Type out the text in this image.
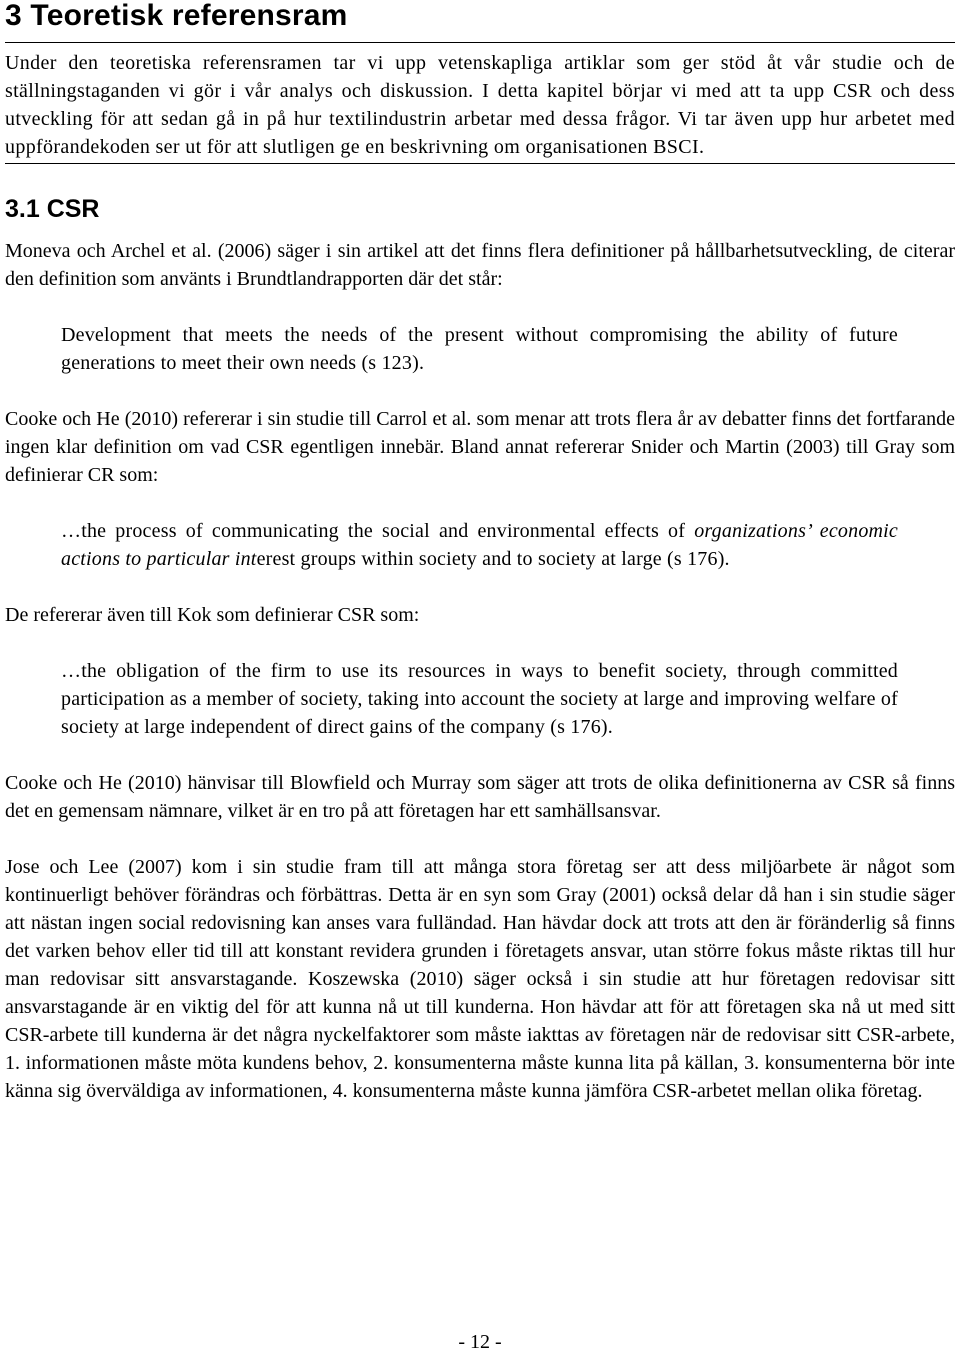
3 Teoretisk referensram
Under den teoretiska referensramen tar vi upp vetenskapliga artiklar som ger stöd åt vår studie och de ställningstaganden vi gör i vår analys och diskussion. I detta kapitel börjar vi med att ta upp CSR och dess utveckling för att sedan gå in på hur textilindustrin arbetar med dessa frågor. Vi tar även upp hur arbetet med uppförandekoden ser ut för att slutligen ge en beskrivning om organisationen BSCI.
3.1 CSR

Moneva och Archel et al. (2006) säger i sin artikel att det finns flera definitioner på hållbarhetsutveckling, de citerar den definition som använts i Brundtlandrapporten där det står:

Development that meets the needs of the present without compromising the ability of future generations to meet their own needs (s 123).

Cooke och He (2010) refererar i sin studie till Carrol et al. som menar att trots flera år av debatter finns det fortfarande ingen klar definition om vad CSR egentligen innebär. Bland annat refererar Snider och Martin (2003) till Gray som definierar CR som:

…the process of communicating the social and environmental effects of organizations’ economic actions to particular interest groups within society and to society at large (s 176).

De refererar även till Kok som definierar CSR som:

…the obligation of the firm to use its resources in ways to benefit society, through committed participation as a member of society, taking into account the society at large and improving welfare of society at large independent of direct gains of the company (s 176).

Cooke och He (2010) hänvisar till Blowfield och Murray som säger att trots de olika definitionerna av CSR så finns det en gemensam nämnare, vilket är en tro på att företagen har ett samhällsansvar.

Jose och Lee (2007) kom i sin studie fram till att många stora företag ser att dess miljöarbete är något som kontinuerligt behöver förändras och förbättras. Detta är en syn som Gray (2001) också delar då han i sin studie säger att nästan ingen social redovisning kan anses vara fulländad. Han hävdar dock att trots att den är föränderlig så finns det varken behov eller tid till att konstant revidera grunden i företagets ansvar, utan större fokus måste riktas till hur man redovisar sitt ansvarstagande. Koszewska (2010) säger också i sin studie att hur företagen redovisar sitt ansvarstagande är en viktig del för att kunna nå ut till kunderna. Hon hävdar att för att företagen ska nå ut med sitt CSR-arbete till kunderna är det några nyckelfaktorer som måste iakttas av företagen när de redovisar sitt CSR-arbete, 1. informationen måste möta kundens behov, 2. konsumenterna måste kunna lita på källan, 3. konsumenterna bör inte känna sig överväldiga av informationen, 4. konsumenterna måste kunna jämföra CSR-arbetet mellan olika företag.

- 12 -
